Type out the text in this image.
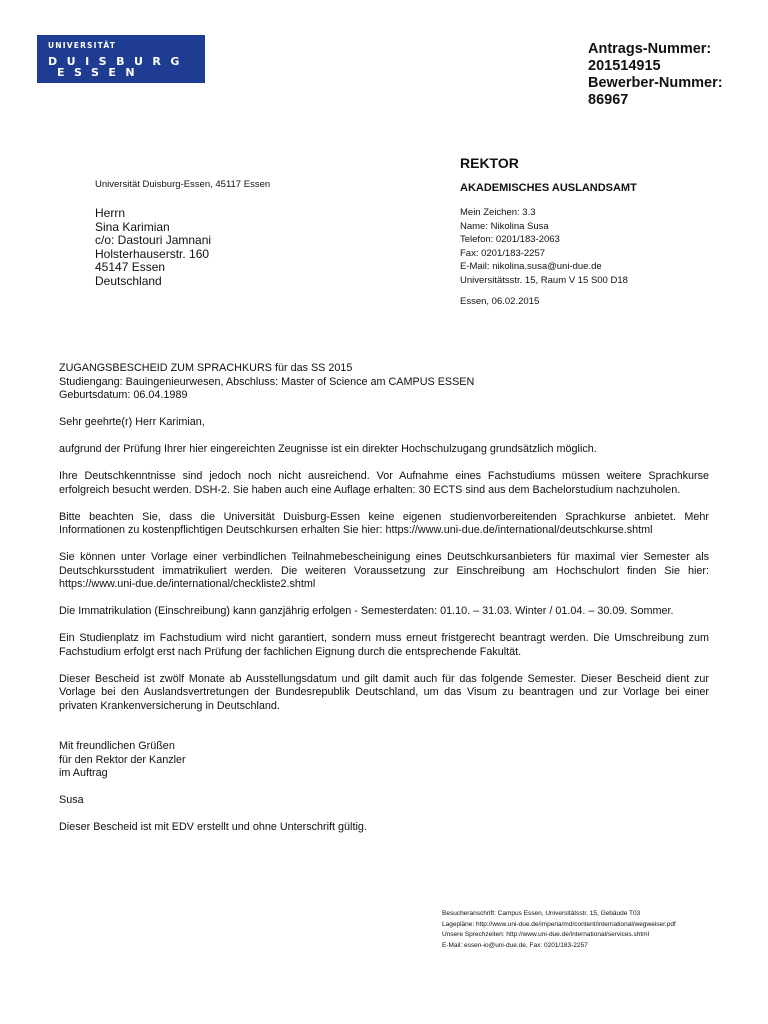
UNIVERSITÄT
DUISBURG
ESSEN
Antrags-Nummer:
201514915
Bewerber-Nummer:
86967
REKTOR
AKADEMISCHES AUSLANDSAMT
Universität Duisburg-Essen, 45117 Essen
Herrn
Sina Karimian
c/o: Dastouri Jamnani
Holsterhauserstr. 160
45147 Essen
Deutschland
Mein Zeichen: 3.3
Name: Nikolina Susa
Telefon: 0201/183-2063
Fax: 0201/183-2257
E-Mail: nikolina.susa@uni-due.de
Universitätsstr. 15, Raum V 15 S00 D18
Essen, 06.02.2015

ZUGANGSBESCHEID ZUM SPRACHKURS für das SS 2015

Studiengang: Bauingenieurwesen, Abschluss: Master of Science am CAMPUS ESSEN

Geburtsdatum: 06.04.1989

Sehr geehrte(r) Herr Karimian,

aufgrund der Prüfung Ihrer hier eingereichten Zeugnisse ist ein direkter Hochschulzugang grundsätzlich möglich.

Ihre Deutschkenntnisse sind jedoch noch nicht ausreichend. Vor Aufnahme eines Fachstudiums müssen weitere Sprachkurse erfolgreich besucht werden. DSH-2. Sie haben auch eine Auflage erhalten: 30 ECTS sind aus dem Bachelorstudium nachzuholen.

Bitte beachten Sie, dass die Universität Duisburg-Essen keine eigenen studienvorbereitenden Sprachkurse anbietet. Mehr Informationen zu kostenpflichtigen Deutschkursen erhalten Sie hier: https://www.uni-due.de/international/deutschkurse.shtml

Sie können unter Vorlage einer verbindlichen Teilnahmebescheinigung eines Deutschkursanbieters für maximal vier Semester als Deutschkursstudent immatrikuliert werden. Die weiteren Voraussetzung zur Einschreibung am Hochschulort finden Sie hier: https://www.uni-due.de/international/checkliste2.shtml

Die Immatrikulation (Einschreibung) kann ganzjährig erfolgen - Semesterdaten: 01.10. – 31.03. Winter / 01.04. – 30.09. Sommer.

Ein Studienplatz im Fachstudium wird nicht garantiert, sondern muss erneut fristgerecht beantragt werden. Die Umschreibung zum Fachstudium erfolgt erst nach Prüfung der fachlichen Eignung durch die entsprechende Fakultät.

Dieser Bescheid ist zwölf Monate ab Ausstellungsdatum und gilt damit auch für das folgende Semester. Dieser Bescheid dient zur Vorlage bei den Auslandsvertretungen der Bundesrepublik Deutschland, um das Visum zu beantragen und zur Vorlage bei einer privaten Krankenversicherung in Deutschland.

Mit freundlichen Grüßen

für den Rektor der Kanzler

im Auftrag

Susa

Dieser Bescheid ist mit EDV erstellt und ohne Unterschrift gültig.

Besucheranschrift: Campus Essen, Universitätsstr. 15, Gebäude T03
Lagepläne: http://www.uni-due.de/imperia/md/content/international/wegweiser.pdf
Unsere Sprechzeiten: http://www.uni-due.de/international/services.shtml
E-Mail: essen-io@uni-due.de, Fax: 0201/183-2257
